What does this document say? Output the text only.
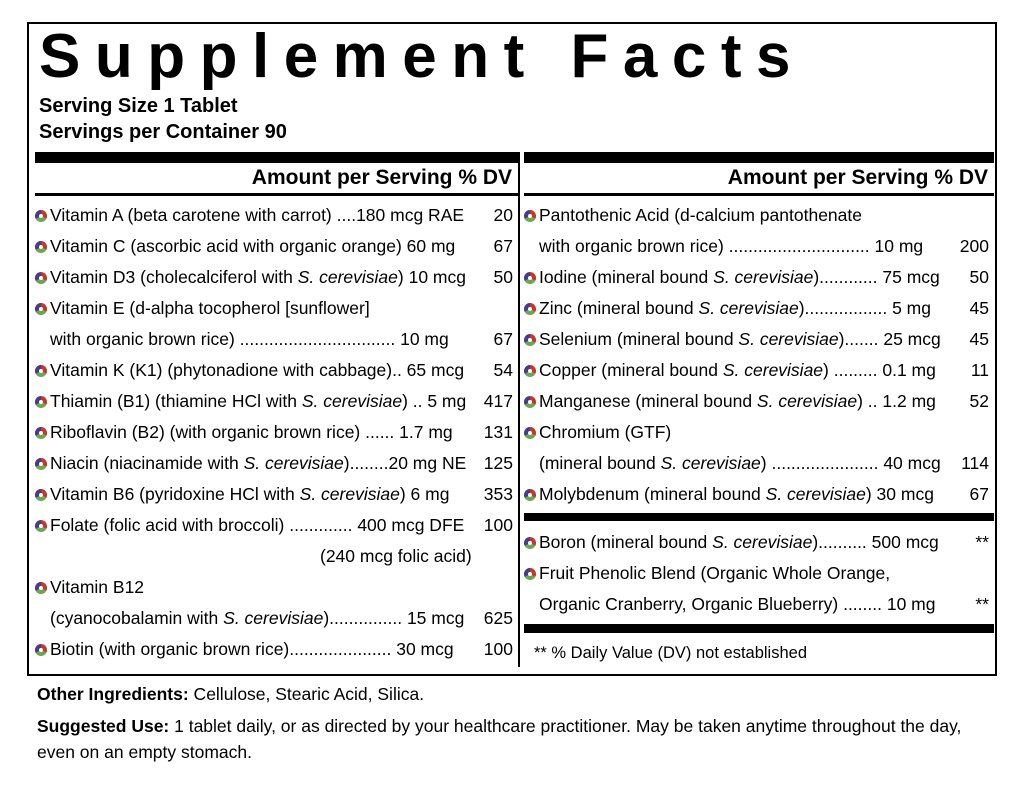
Supplement Facts
Serving Size 1 Tablet
Servings per Container 90
Amount per Serving % DV
Vitamin A (beta carotene with carrot) ....180 mcg RAE 20
Vitamin C (ascorbic acid with organic orange) 60 mg 67
Vitamin D3 (cholecalciferol with S. cerevisiae) 10 mcg 50
Vitamin E (d-alpha tocopherol [sunflower]
with organic brown rice) ................................ 10 mg	67
Vitamin K (K1) (phytonadione with cabbage).. 65 mcg 54
Thiamin (B1) (thiamine HCl with S. cerevisiae) .. 5 mg 417
Riboflavin (B2) (with organic brown rice) ...... 1.7 mg 131
Niacin (niacinamide with S. cerevisiae)........20 mg NE 125
Vitamin B6 (pyridoxine HCl with S. cerevisiae) 6 mg 353
Folate (folic acid with broccoli) ............. 400 mcg DFE 100
(240 mcg folic acid)
Vitamin B12
(cyanocobalamin with S. cerevisiae)............... 15 mcg 625
Biotin (with organic brown rice)..................... 30 mcg 100
Amount per Serving % DV
Pantothenic Acid (d-calcium pantothenate
with organic brown rice) ............................. 10 mg 200
Iodine (mineral bound S. cerevisiae)............ 75 mcg 50
Zinc (mineral bound S. cerevisiae)................. 5 mg 45
Selenium (mineral bound S. cerevisiae)....... 25 mcg 45
Copper (mineral bound S. cerevisiae) ......... 0.1 mg 11
Manganese (mineral bound S. cerevisiae) .. 1.2 mg 52
Chromium (GTF)
(mineral bound S. cerevisiae) ...................... 40 mcg 114
Molybdenum (mineral bound S. cerevisiae) 30 mcg 67
Boron (mineral bound S. cerevisiae).......... 500 mcg **
Fruit Phenolic Blend (Organic Whole Orange,
Organic Cranberry, Organic Blueberry) ........ 10 mg **
** % Daily Value (DV) not established
Other Ingredients: Cellulose, Stearic Acid, Silica.
Suggested Use: 1 tablet daily, or as directed by your healthcare practitioner. May be taken anytime throughout the day,
even on an empty stomach.
